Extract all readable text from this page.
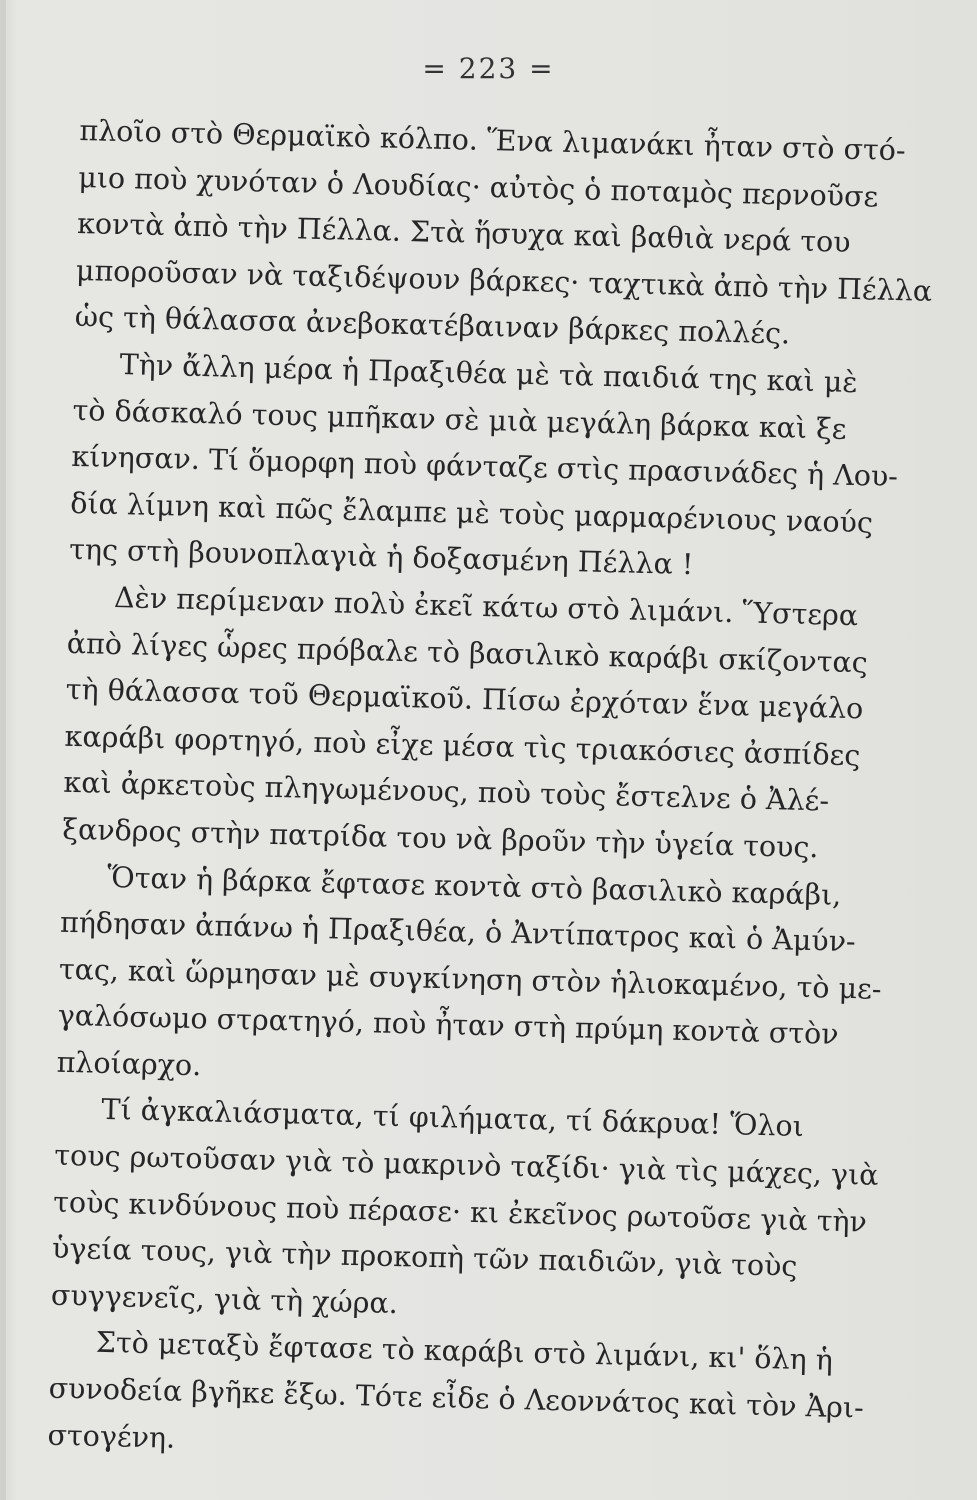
= 223 =
πλοῖο στὸ Θερμαϊκὸ κόλπο. Ἕνα λιμανάκι ἦταν στὸ στό-
μιο ποὺ χυνόταν ὁ Λουδίας· αὐτὸς ὁ ποταμὸς περνοῦσε
κοντὰ ἀπὸ τὴν Πέλλα. Στὰ ἥσυχα καὶ βαθιὰ νερά του
μποροῦσαν νὰ ταξιδέψουν βάρκες· ταχτικὰ ἀπὸ τὴν Πέλλα
ὡς τὴ θάλασσα ἀνεβοκατέβαιναν βάρκες πολλές.
Τὴν ἄλλη μέρα ἡ Πραξιθέα μὲ τὰ παιδιά της καὶ μὲ
τὸ δάσκαλό τους μπῆκαν σὲ μιὰ μεγάλη βάρκα καὶ ξε
κίνησαν. Τί ὅμορφη ποὺ φάνταζε στὶς πρασινάδες ἡ Λου-
δία λίμνη καὶ πῶς ἔλαμπε μὲ τοὺς μαρμαρένιους ναούς
της στὴ βουνοπλαγιὰ ἡ δοξασμένη Πέλλα !
Δὲν περίμεναν πολὺ ἐκεῖ κάτω στὸ λιμάνι. Ὕστερα
ἀπὸ λίγες ὧρες πρόβαλε τὸ βασιλικὸ καράβι σκίζοντας
τὴ θάλασσα τοῦ Θερμαϊκοῦ. Πίσω ἐρχόταν ἕνα μεγάλο
καράβι φορτηγό, ποὺ εἶχε μέσα τὶς τριακόσιες ἀσπίδες
καὶ ἀρκετοὺς πληγωμένους, ποὺ τοὺς ἔστελνε ὁ Ἀλέ-
ξανδρος στὴν πατρίδα του νὰ βροῦν τὴν ὑγεία τους.
Ὅταν ἡ βάρκα ἔφτασε κοντὰ στὸ βασιλικὸ καράβι,
πήδησαν ἀπάνω ἡ Πραξιθέα, ὁ Ἀντίπατρος καὶ ὁ Ἀμύν-
τας, καὶ ὥρμησαν μὲ συγκίνηση στὸν ἡλιοκαμένο, τὸ με-
γαλόσωμο στρατηγό, ποὺ ἦταν στὴ πρύμη κοντὰ στὸν
πλοίαρχο.
Τί ἀγκαλιάσματα, τί φιλήματα, τί δάκρυα! Ὅλοι
τους ρωτοῦσαν γιὰ τὸ μακρινὸ ταξίδι· γιὰ τὶς μάχες, γιὰ
τοὺς κινδύνους ποὺ πέρασε· κι ἐκεῖνος ρωτοῦσε γιὰ τὴν
ὑγεία τους, γιὰ τὴν προκοπὴ τῶν παιδιῶν, γιὰ τοὺς
συγγενεῖς, γιὰ τὴ χώρα.
Στὸ μεταξὺ ἔφτασε τὸ καράβι στὸ λιμάνι, κι' ὅλη ἡ
συνοδεία βγῆκε ἔξω. Τότε εἶδε ὁ Λεοννάτος καὶ τὸν Ἀρι-
στογένη.
